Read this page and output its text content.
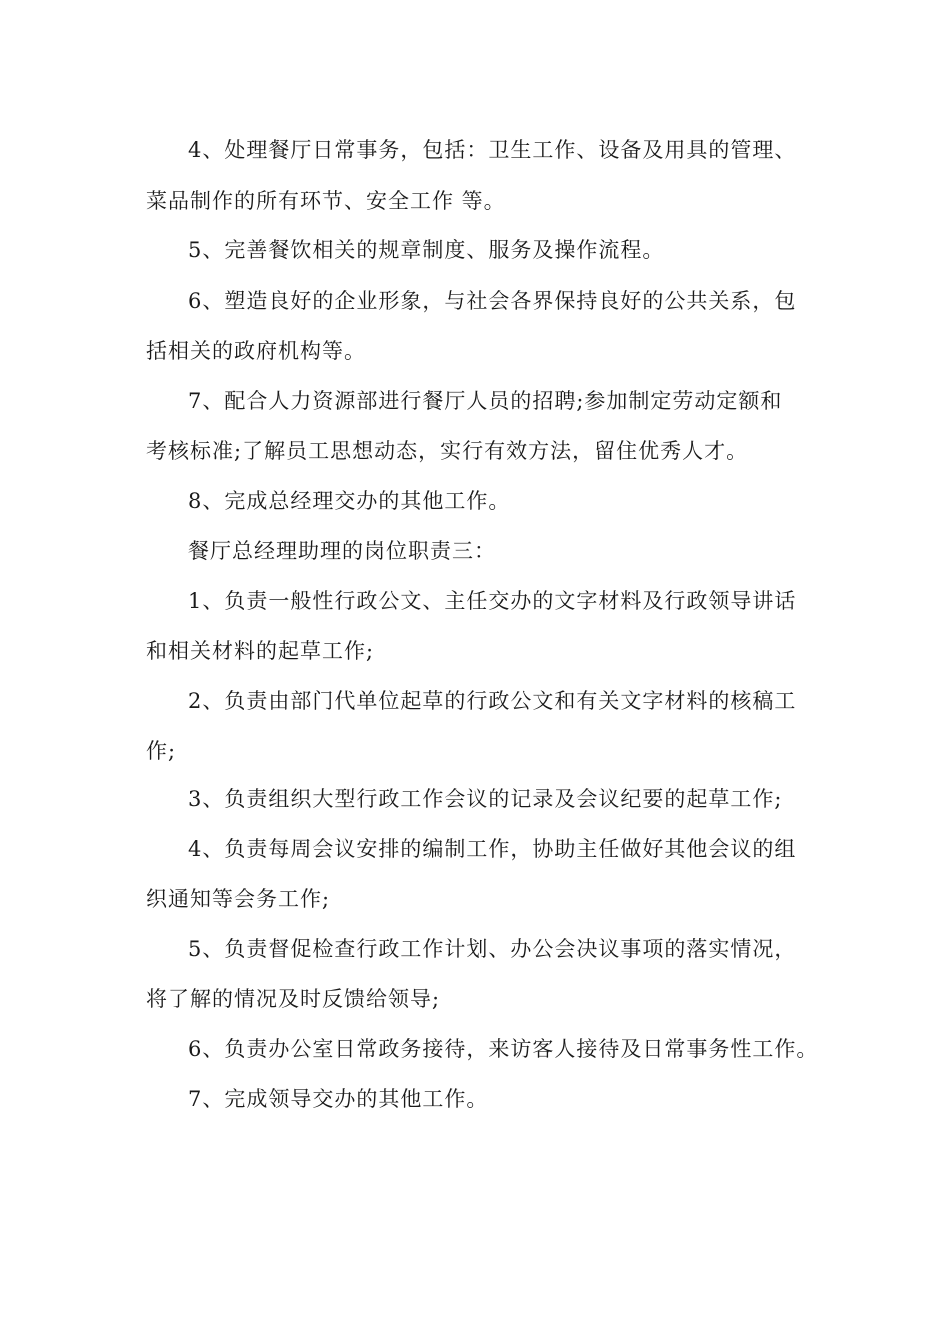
4、处理餐厅日常事务，包括：卫生工作、设备及用具的管理、
菜品制作的所有环节、安全工作 等。
5、完善餐饮相关的规章制度、服务及操作流程。
6、塑造良好的企业形象，与社会各界保持良好的公共关系，包
括相关的政府机构等。
7、配合人力资源部进行餐厅人员的招聘;参加制定劳动定额和
考核标准;了解员工思想动态，实行有效方法，留住优秀人才。
8、完成总经理交办的其他工作。
餐厅总经理助理的岗位职责三：
1、负责一般性行政公文、主任交办的文字材料及行政领导讲话
和相关材料的起草工作;
2、负责由部门代单位起草的行政公文和有关文字材料的核稿工
作;
3、负责组织大型行政工作会议的记录及会议纪要的起草工作;
4、负责每周会议安排的编制工作，协助主任做好其他会议的组
织通知等会务工作;
5、负责督促检查行政工作计划、办公会决议事项的落实情况，
将了解的情况及时反馈给领导;
6、负责办公室日常政务接待，来访客人接待及日常事务性工作。
7、完成领导交办的其他工作。
